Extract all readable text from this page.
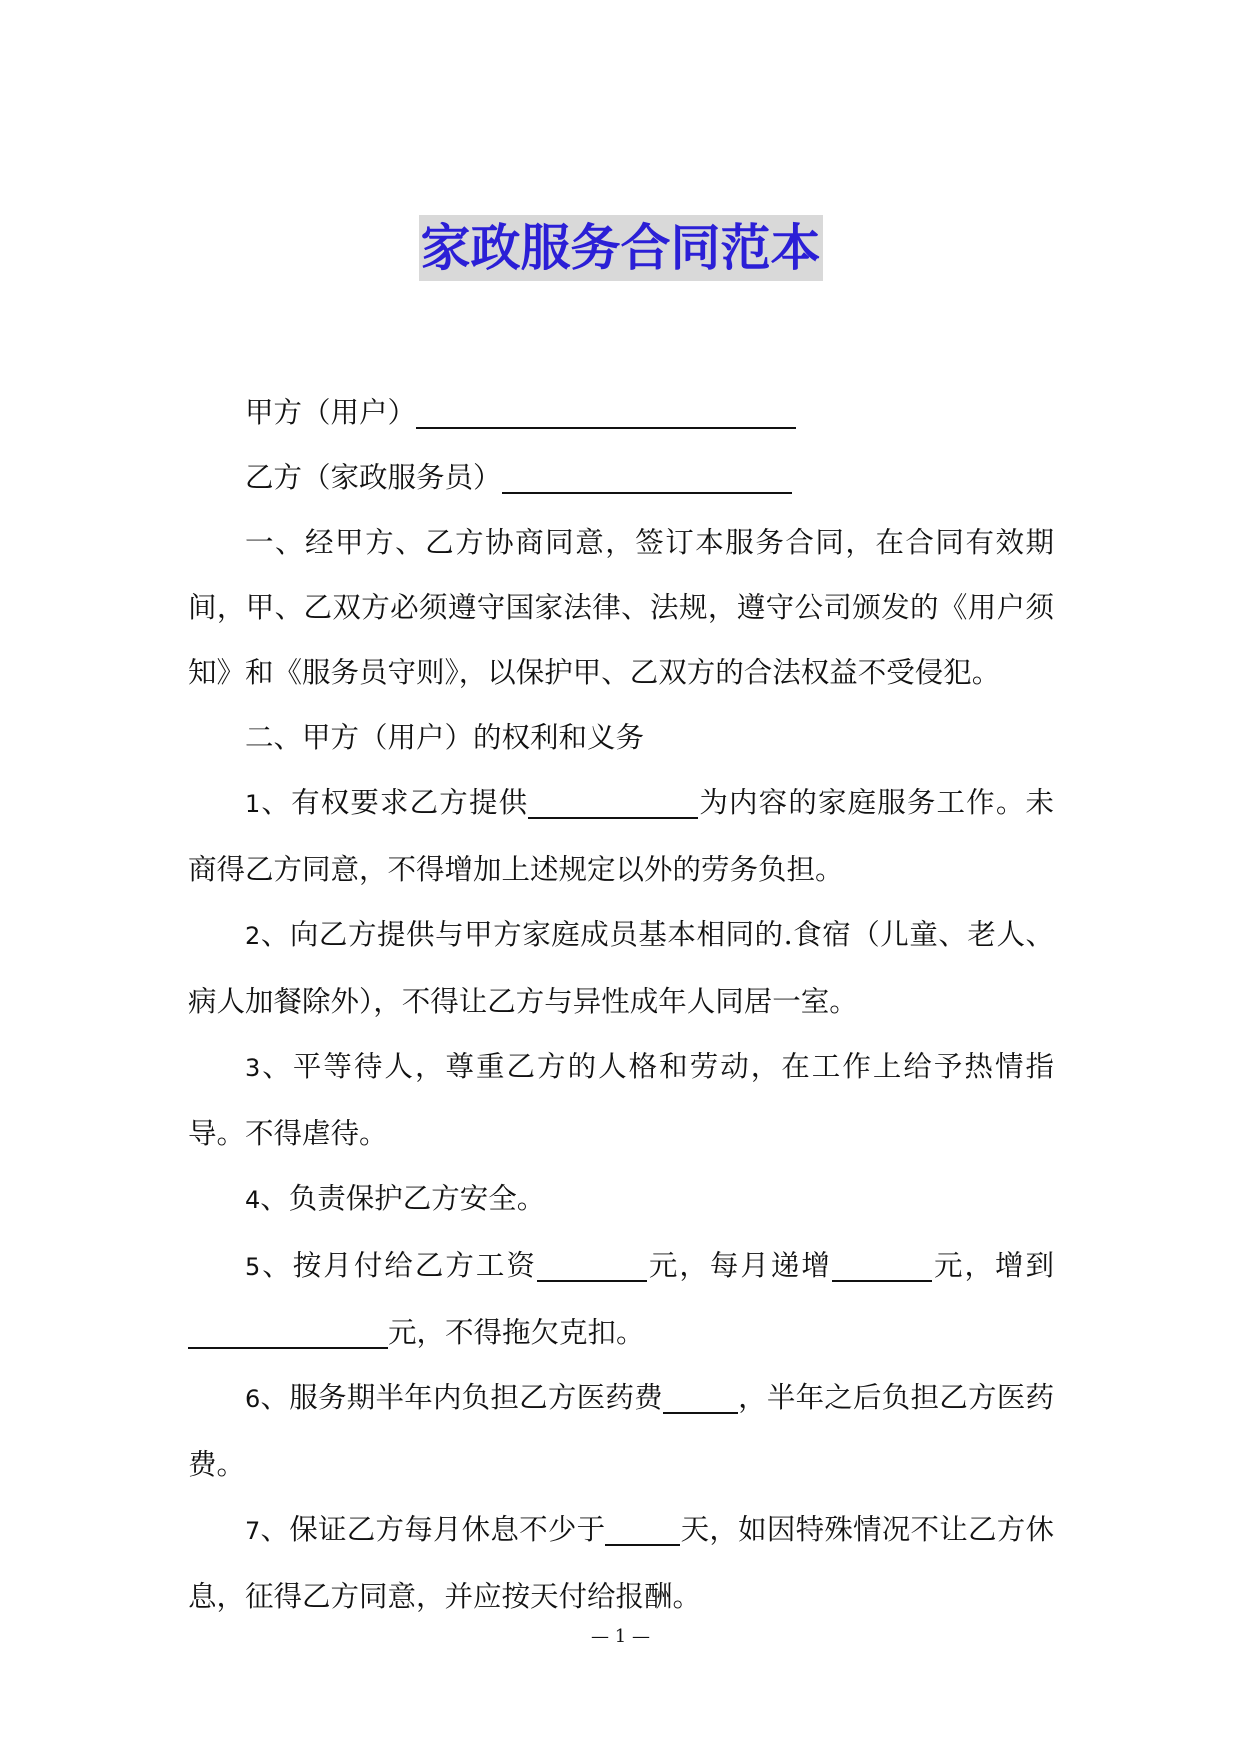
家政服务合同范本

甲方（用户）

乙方（家政服务员）

一、经甲方、乙方协商同意，签订本服务合同，在合同有效期间，甲、乙双方必须遵守国家法律、法规，遵守公司颁发的《用户须知》和《服务员守则》，以保护甲、乙双方的合法权益不受侵犯。

二、甲方（用户）的权利和义务

1、有权要求乙方提供	为内容的家庭服务工作。未商得乙方同意，不得增加上述规定以外的劳务负担。

2、向乙方提供与甲方家庭成员基本相同的.食宿（儿童、老人、病人加餐除外），不得让乙方与异性成年人同居一室。

3、平等待人，尊重乙方的人格和劳动，在工作上给予热情指导。不得虐待。

4、负责保护乙方安全。

5、按月付给乙方工资	元，每月递增	元，增到元，不得拖欠克扣。

6、服务期半年内负担乙方医药费	，半年之后负担乙方医药费。

7、保证乙方每月休息不少于	天，如因特殊情况不让乙方休息，征得乙方同意，并应按天付给报酬。

— 1 —
